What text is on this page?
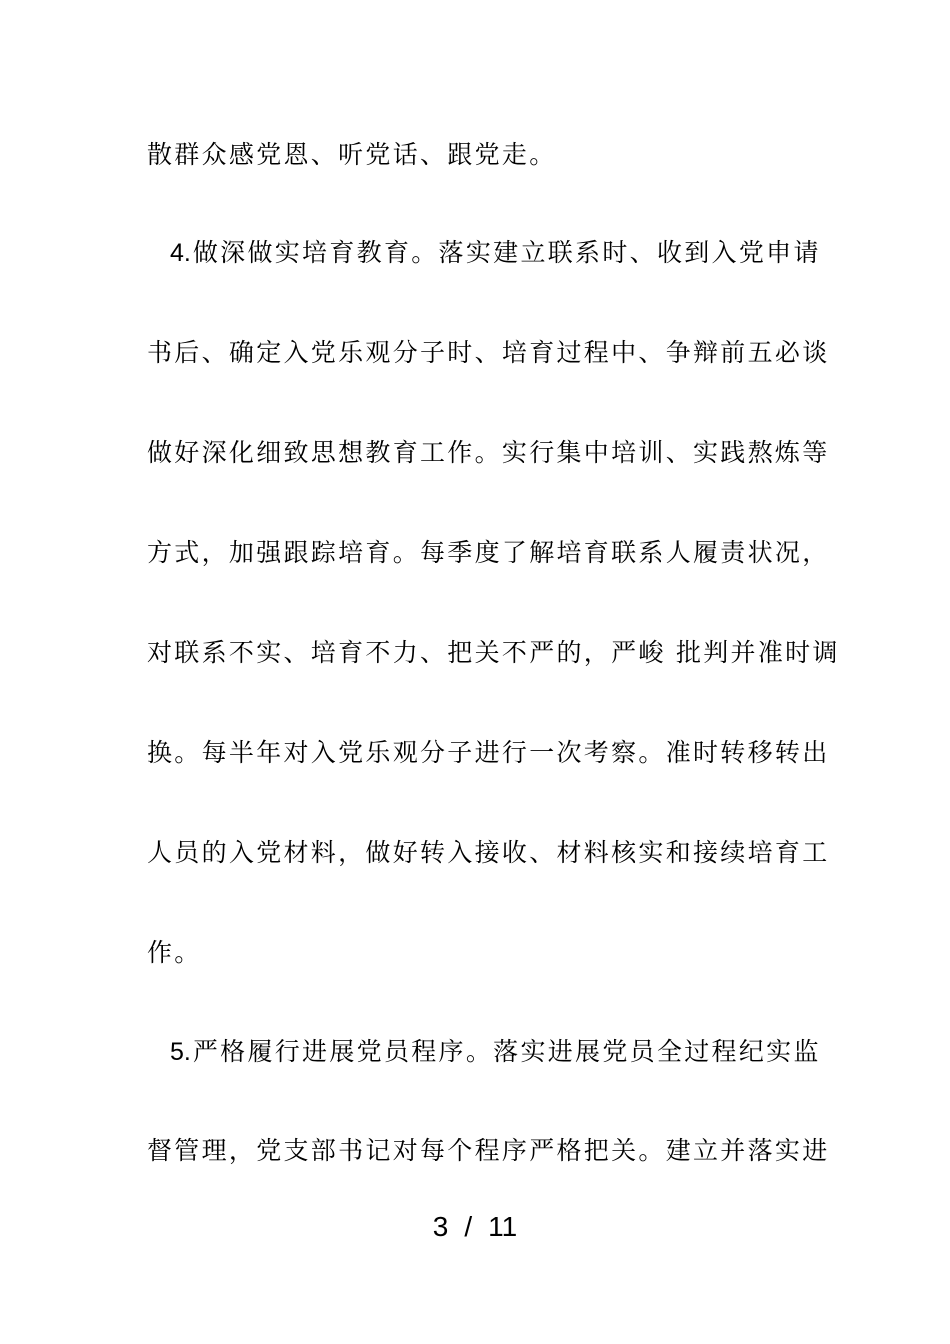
散群众感党恩、听党话、跟党走。
4.做深做实培育教育。落实建立联系时、收到入党申请
书后、确定入党乐观分子时、培育过程中、争辩前五必谈
做好深化细致思想教育工作。实行集中培训、实践熬炼等
方式，加强跟踪培育。每季度了解培育联系人履责状况，
对联系不实、培育不力、把关不严的，严峻 批判并准时调
换。每半年对入党乐观分子进行一次考察。准时转移转出
人员的入党材料，做好转入接收、材料核实和接续培育工
作。
5.严格履行进展党员程序。落实进展党员全过程纪实监
督管理，党支部书记对每个程序严格把关。建立并落实进
3 / 11
